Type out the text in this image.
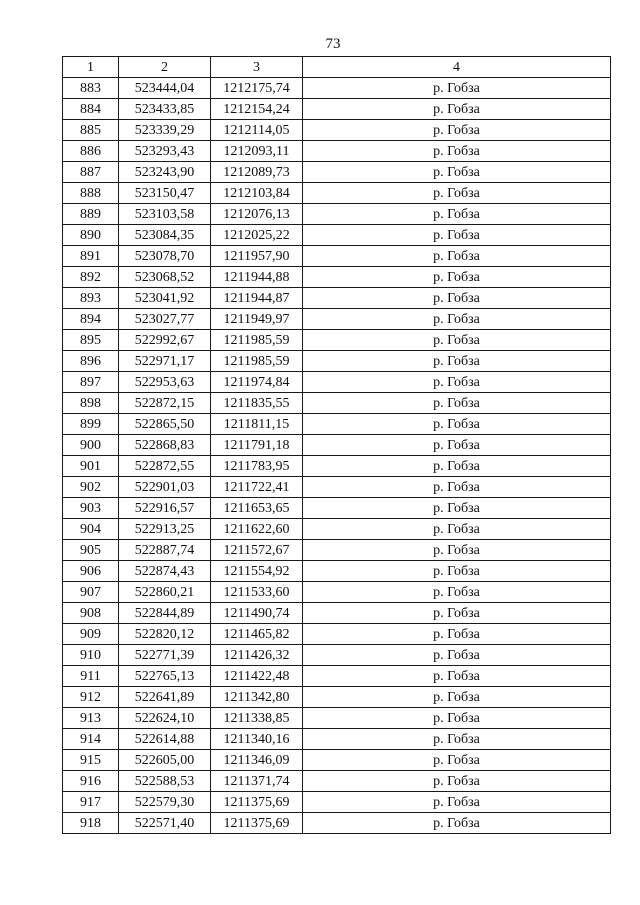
73
1	2	3	4
883	523444,04	1212175,74	р. Гобза
884	523433,85	1212154,24	р. Гобза
885	523339,29	1212114,05	р. Гобза
886	523293,43	1212093,11	р. Гобза
887	523243,90	1212089,73	р. Гобза
888	523150,47	1212103,84	р. Гобза
889	523103,58	1212076,13	р. Гобза
890	523084,35	1212025,22	р. Гобза
891	523078,70	1211957,90	р. Гобза
892	523068,52	1211944,88	р. Гобза
893	523041,92	1211944,87	р. Гобза
894	523027,77	1211949,97	р. Гобза
895	522992,67	1211985,59	р. Гобза
896	522971,17	1211985,59	р. Гобза
897	522953,63	1211974,84	р. Гобза
898	522872,15	1211835,55	р. Гобза
899	522865,50	1211811,15	р. Гобза
900	522868,83	1211791,18	р. Гобза
901	522872,55	1211783,95	р. Гобза
902	522901,03	1211722,41	р. Гобза
903	522916,57	1211653,65	р. Гобза
904	522913,25	1211622,60	р. Гобза
905	522887,74	1211572,67	р. Гобза
906	522874,43	1211554,92	р. Гобза
907	522860,21	1211533,60	р. Гобза
908	522844,89	1211490,74	р. Гобза
909	522820,12	1211465,82	р. Гобза
910	522771,39	1211426,32	р. Гобза
911	522765,13	1211422,48	р. Гобза
912	522641,89	1211342,80	р. Гобза
913	522624,10	1211338,85	р. Гобза
914	522614,88	1211340,16	р. Гобза
915	522605,00	1211346,09	р. Гобза
916	522588,53	1211371,74	р. Гобза
917	522579,30	1211375,69	р. Гобза
918	522571,40	1211375,69	р. Гобза
